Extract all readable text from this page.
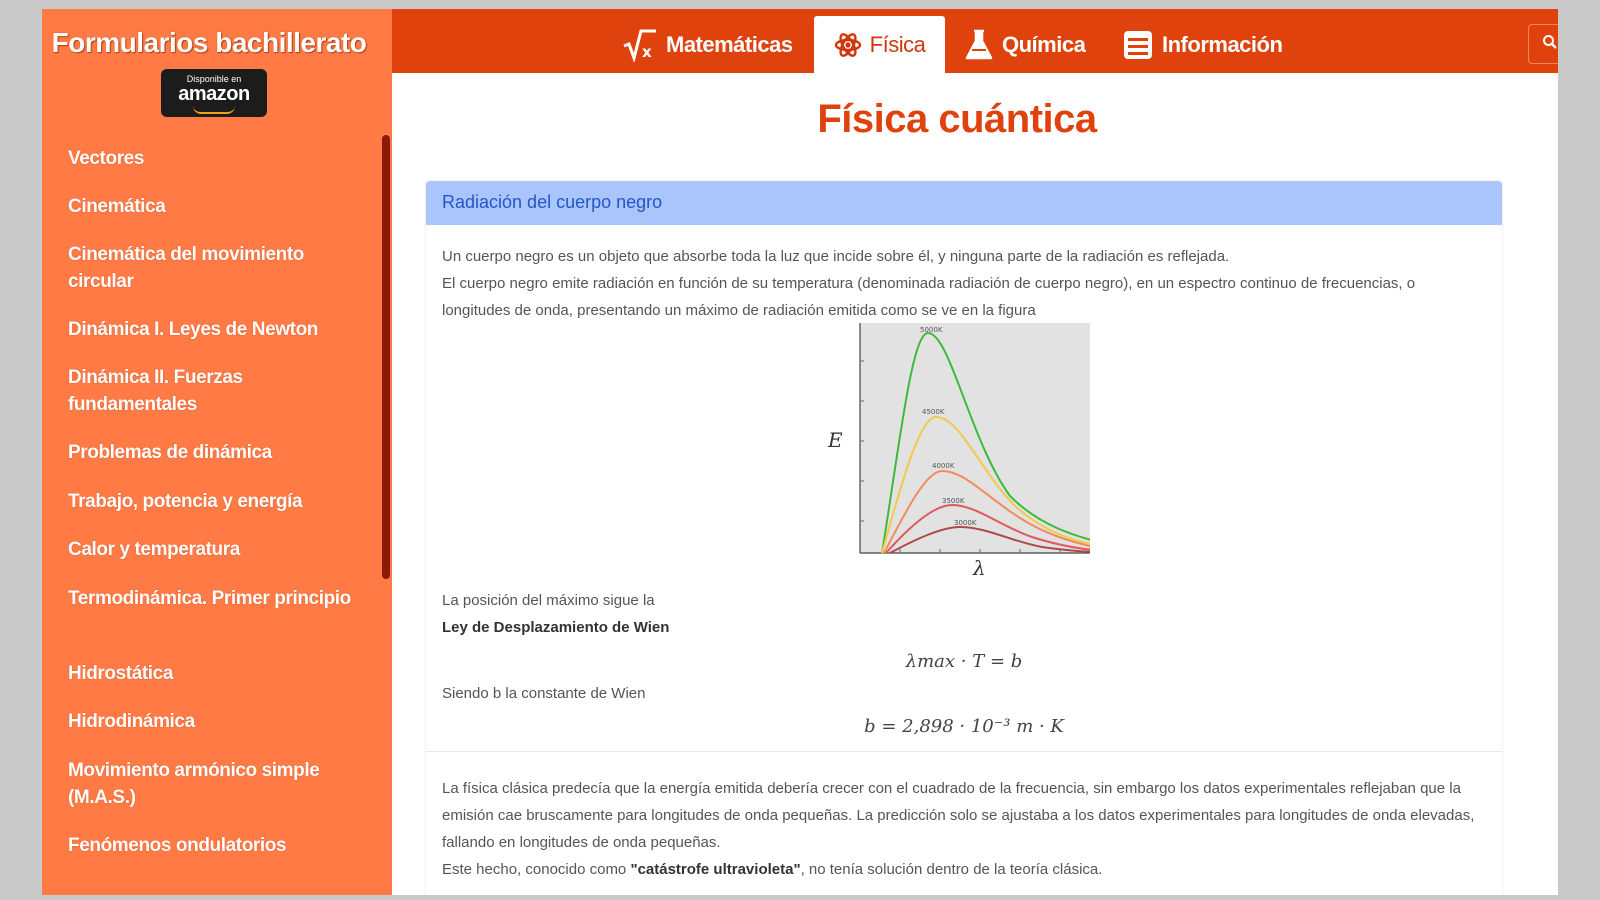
Formularios bachillerato
Disponible en
amazon
Vectores
Cinemática
Cinemática del movimiento circular
Dinámica I. Leyes de Newton
Dinámica II. Fuerzas fundamentales
Problemas de dinámica
Trabajo, potencia y energía
Calor y temperatura
Termodinámica. Primer principio
Hidrostática
Hidrodinámica
Movimiento armónico simple (M.A.S.)
Fenómenos ondulatorios
x Matemáticas	Física	Química	Información
Física cuántica
Radiación del cuerpo negro
Un cuerpo negro es un objeto que absorbe toda la luz que incide sobre él, y ninguna parte de la radiación es reflejada.
El cuerpo negro emite radiación en función de su temperatura (denominada radiación de cuerpo negro), en un espectro continuo de frecuencias, o longitudes de onda, presentando un máximo de radiación emitida como se ve en la figura
5000K
4500K
4000K
3500K
3000K
E
λ
La posición del máximo sigue la
Ley de Desplazamiento de Wien
λmax · T = b
Siendo b la constante de Wien
b = 2,898 · 10⁻³ m · K
La física clásica predecía que la energía emitida debería crecer con el cuadrado de la frecuencia, sin embargo los datos experimentales reflejaban que la emisión cae bruscamente para longitudes de onda pequeñas. La predicción solo se ajustaba a los datos experimentales para longitudes de onda elevadas, fallando en longitudes de onda pequeñas.
Este hecho, conocido como "catástrofe ultravioleta", no tenía solución dentro de la teoría clásica.
